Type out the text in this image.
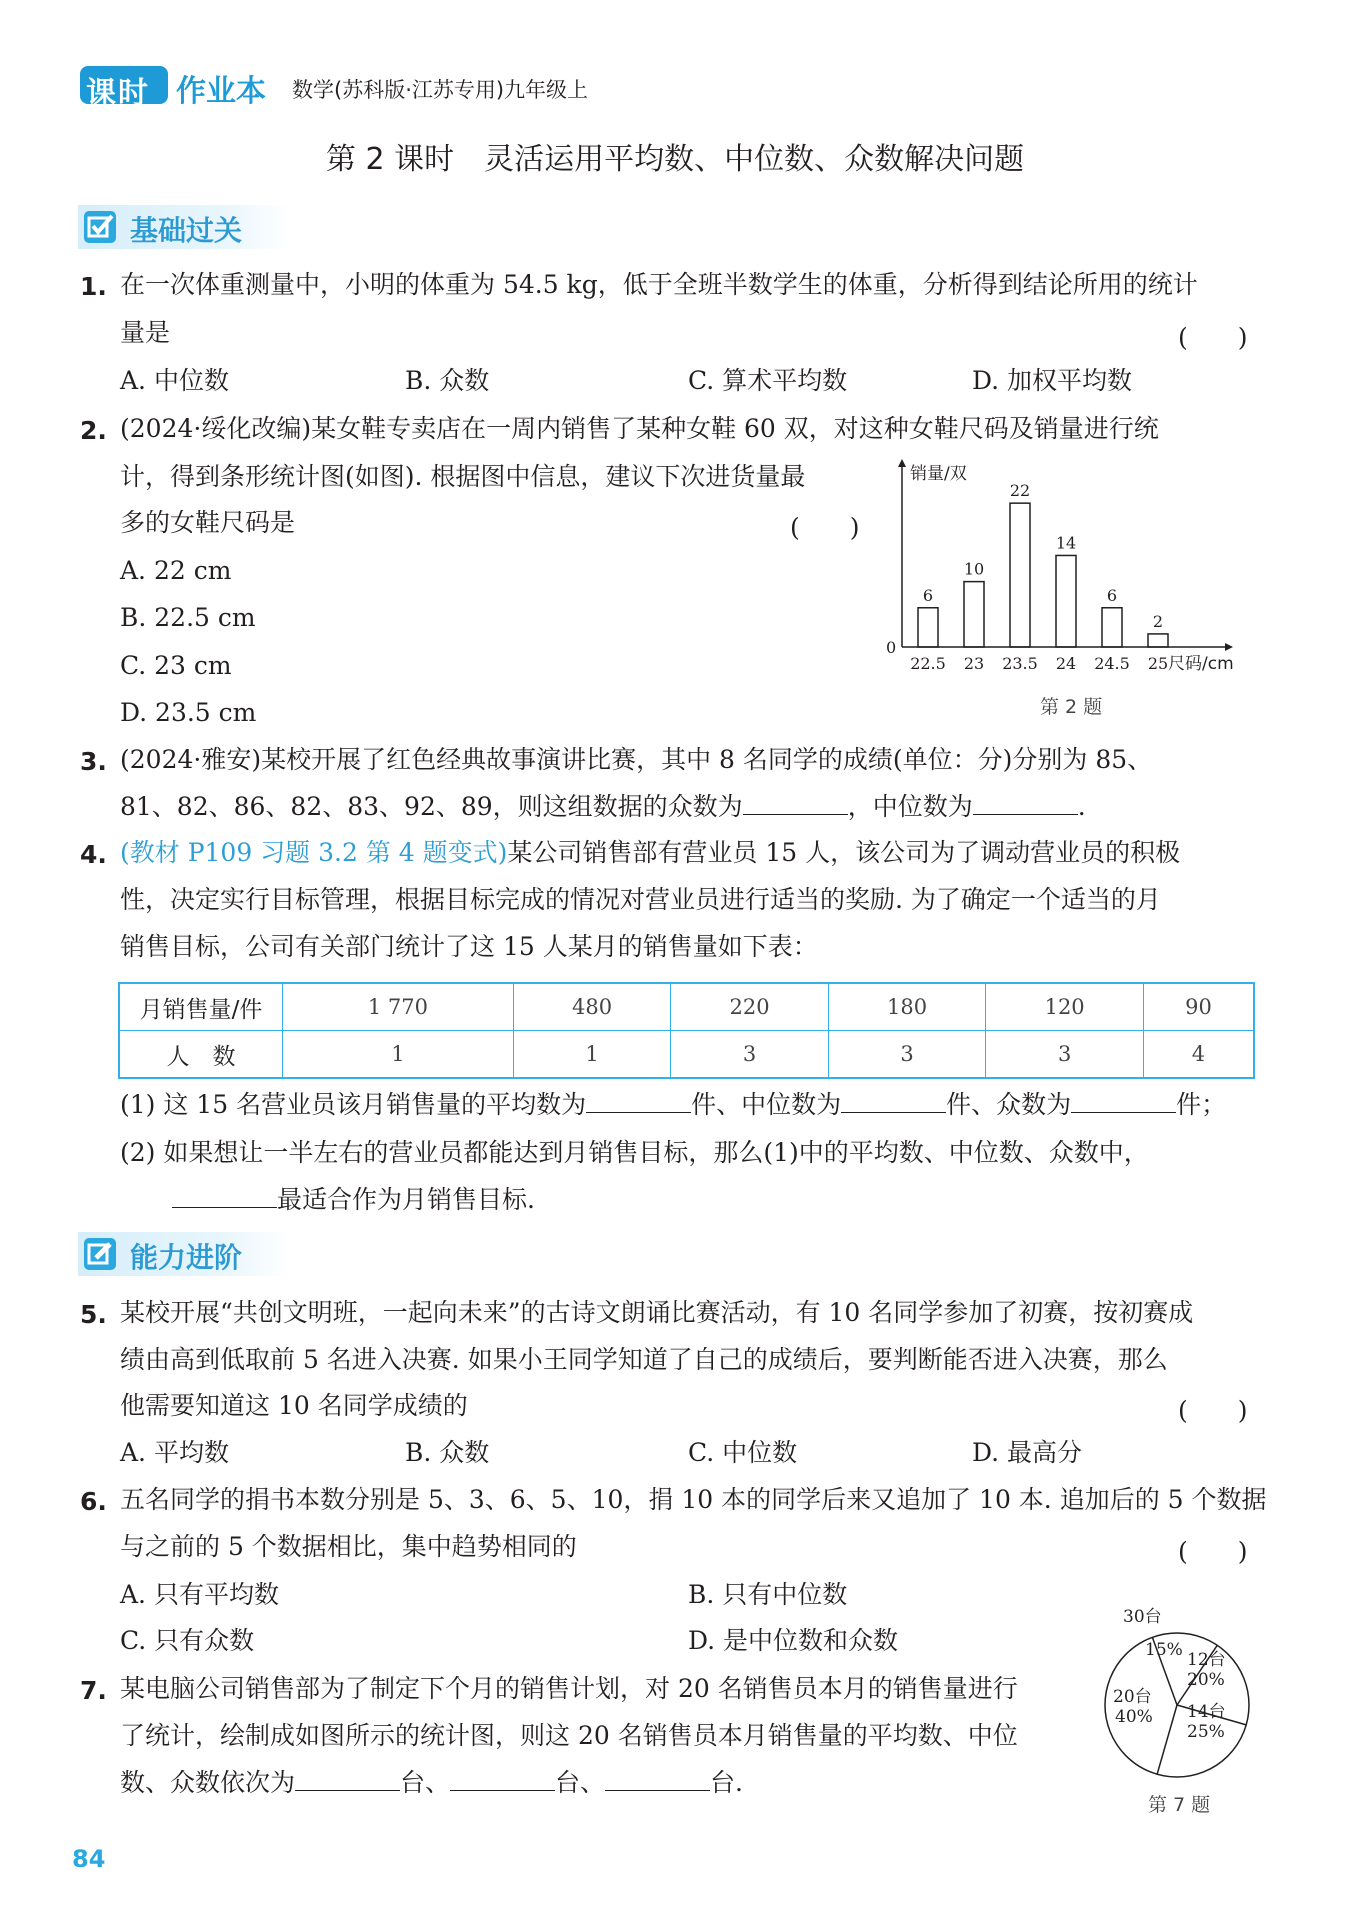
课时 作业本 数学(苏科版·江苏专用)九年级上
第 2 课时　灵活运用平均数、中位数、众数解决问题
基础过关
1. 在一次体重测量中，小明的体重为 54.5 kg，低于全班半数学生的体重，分析得到结论所用的统计
量是	(　　)
A. 中位数	B. 众数	C. 算术平均数	D. 加权平均数
2. (2024·绥化改编)某女鞋专卖店在一周内销售了某种女鞋 60 双，对这种女鞋尺码及销量进行统
计，得到条形统计图(如图). 根据图中信息，建议下次进货量最
多的女鞋尺码是	(　　)
A. 22 cm
B. 22.5 cm
C. 23 cm
D. 23.5 cm
销量/双
尺码/cm
0
6
22.5
10
23
22
23.5
14
24
6
24.5
2
25
第 2 题
3. (2024·雅安)某校开展了红色经典故事演讲比赛，其中 8 名同学的成绩(单位：分)分别为 85、
81、82、86、82、83、92、89，则这组数据的众数为	，中位数为	.
4. (教材 P109 习题 3.2 第 4 题变式)某公司销售部有营业员 15 人，该公司为了调动营业员的积极
性，决定实行目标管理，根据目标完成的情况对营业员进行适当的奖励. 为了确定一个适当的月
销售目标，公司有关部门统计了这 15 人某月的销售量如下表：
月销售量/件	1 770	480	220	180	120	90
人　数	1	1	3	3	3	4
(1) 这 15 名营业员该月销售量的平均数为	件、中位数为	件、众数为	件；
(2) 如果想让一半左右的营业员都能达到月销售目标，那么(1)中的平均数、中位数、众数中，
最适合作为月销售目标.
能力进阶
5. 某校开展“共创文明班，一起向未来”的古诗文朗诵比赛活动，有 10 名同学参加了初赛，按初赛成
绩由高到低取前 5 名进入决赛. 如果小王同学知道了自己的成绩后，要判断能否进入决赛，那么
他需要知道这 10 名同学成绩的	(　　)
A. 平均数	B. 众数	C. 中位数	D. 最高分
6. 五名同学的捐书本数分别是 5、3、6、5、10，捐 10 本的同学后来又追加了 10 本. 追加后的 5 个数据
与之前的 5 个数据相比，集中趋势相同的	(　　)
A. 只有平均数	B. 只有中位数
C. 只有众数	D. 是中位数和众数
7. 某电脑公司销售部为了制定下个月的销售计划，对 20 名销售员本月的销售量进行
了统计，绘制成如图所示的统计图，则这 20 名销售员本月销售量的平均数、中位
数、众数依次为	台、	台、	台.
30台
15% 12台
20%
14台
25%
20台
40%
第 7 题
84
